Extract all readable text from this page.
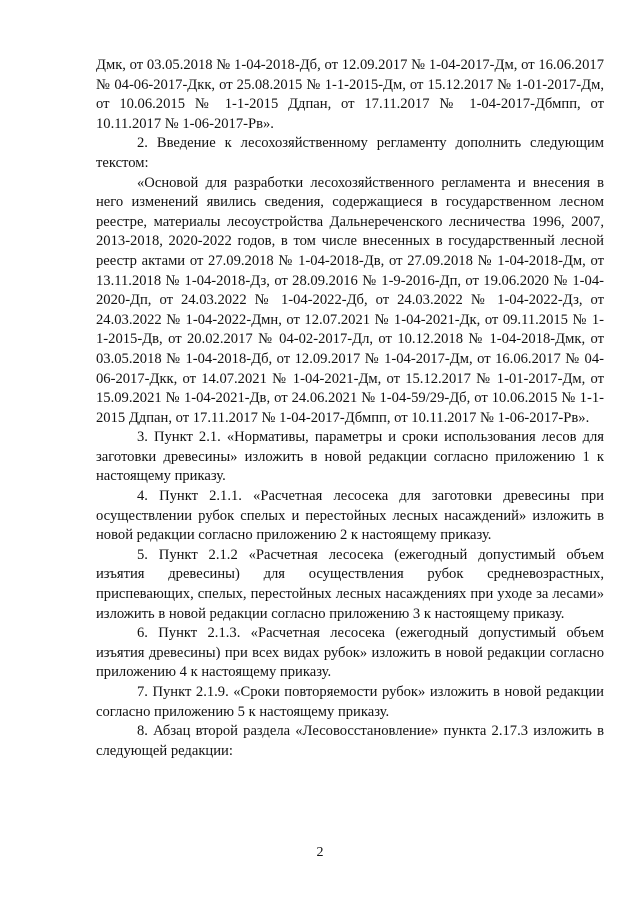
Дмк, от 03.05.2018 № 1-04-2018-Дб, от 12.09.2017 № 1-04-2017-Дм, от 16.06.2017 № 04-06-2017-Дкк, от 25.08.2015 № 1-1-2015-Дм, от 15.12.2017 № 1-01-2017-Дм, от 10.06.2015 № 1-1-2015 Ддпан, от 17.11.2017 № 1-04-2017-Дбмпп, от 10.11.2017 № 1-06-2017-Рв».

2. Введение к лесохозяйственному регламенту дополнить следующим текстом:

«Основой для разработки лесохозяйственного регламента и внесения в него изменений явились сведения, содержащиеся в государственном лесном реестре, материалы лесоустройства Дальнереченского лесничества 1996, 2007, 2013-2018, 2020-2022 годов, в том числе внесенных в государственный лесной реестр актами от 27.09.2018 № 1-04-2018-Дв, от 27.09.2018 № 1-04-2018-Дм, от 13.11.2018 № 1-04-2018-Дз, от 28.09.2016 № 1-9-2016-Дп, от 19.06.2020 № 1-04-2020-Дп, от 24.03.2022 № 1-04-2022-Дб, от 24.03.2022 № 1-04-2022-Дз, от 24.03.2022 № 1-04-2022-Дмн, от 12.07.2021 № 1-04-2021-Дк, от 09.11.2015 № 1-1-2015-Дв, от 20.02.2017 № 04-02-2017-Дл, от 10.12.2018 № 1-04-2018-Дмк, от 03.05.2018 № 1-04-2018-Дб, от 12.09.2017 № 1-04-2017-Дм, от 16.06.2017 № 04-06-2017-Дкк, от 14.07.2021 № 1-04-2021-Дм, от 15.12.2017 № 1-01-2017-Дм, от 15.09.2021 № 1-04-2021-Дв, от 24.06.2021 № 1-04-59/29-Дб, от 10.06.2015 № 1-1-2015 Ддпан, от 17.11.2017 № 1-04-2017-Дбмпп, от 10.11.2017 № 1-06-2017-Рв».

3. Пункт 2.1. «Нормативы, параметры и сроки использования лесов для заготовки древесины» изложить в новой редакции согласно приложению 1 к настоящему приказу.

4. Пункт 2.1.1. «Расчетная лесосека для заготовки древесины при осуществлении рубок спелых и перестойных лесных насаждений» изложить в новой редакции согласно приложению 2 к настоящему приказу.

5. Пункт 2.1.2 «Расчетная лесосека (ежегодный допустимый объем изъятия древесины) для осуществления рубок средневозрастных, приспевающих, спелых, перестойных лесных насаждениях при уходе за лесами» изложить в новой редакции согласно приложению 3 к настоящему приказу.

6. Пункт 2.1.3. «Расчетная лесосека (ежегодный допустимый объем изъятия древесины) при всех видах рубок» изложить в новой редакции согласно приложению 4 к настоящему приказу.

7. Пункт 2.1.9. «Сроки повторяемости рубок» изложить в новой редакции согласно приложению 5 к настоящему приказу.

8. Абзац второй раздела «Лесовосстановление» пункта 2.17.3 изложить в следующей редакции:

2
